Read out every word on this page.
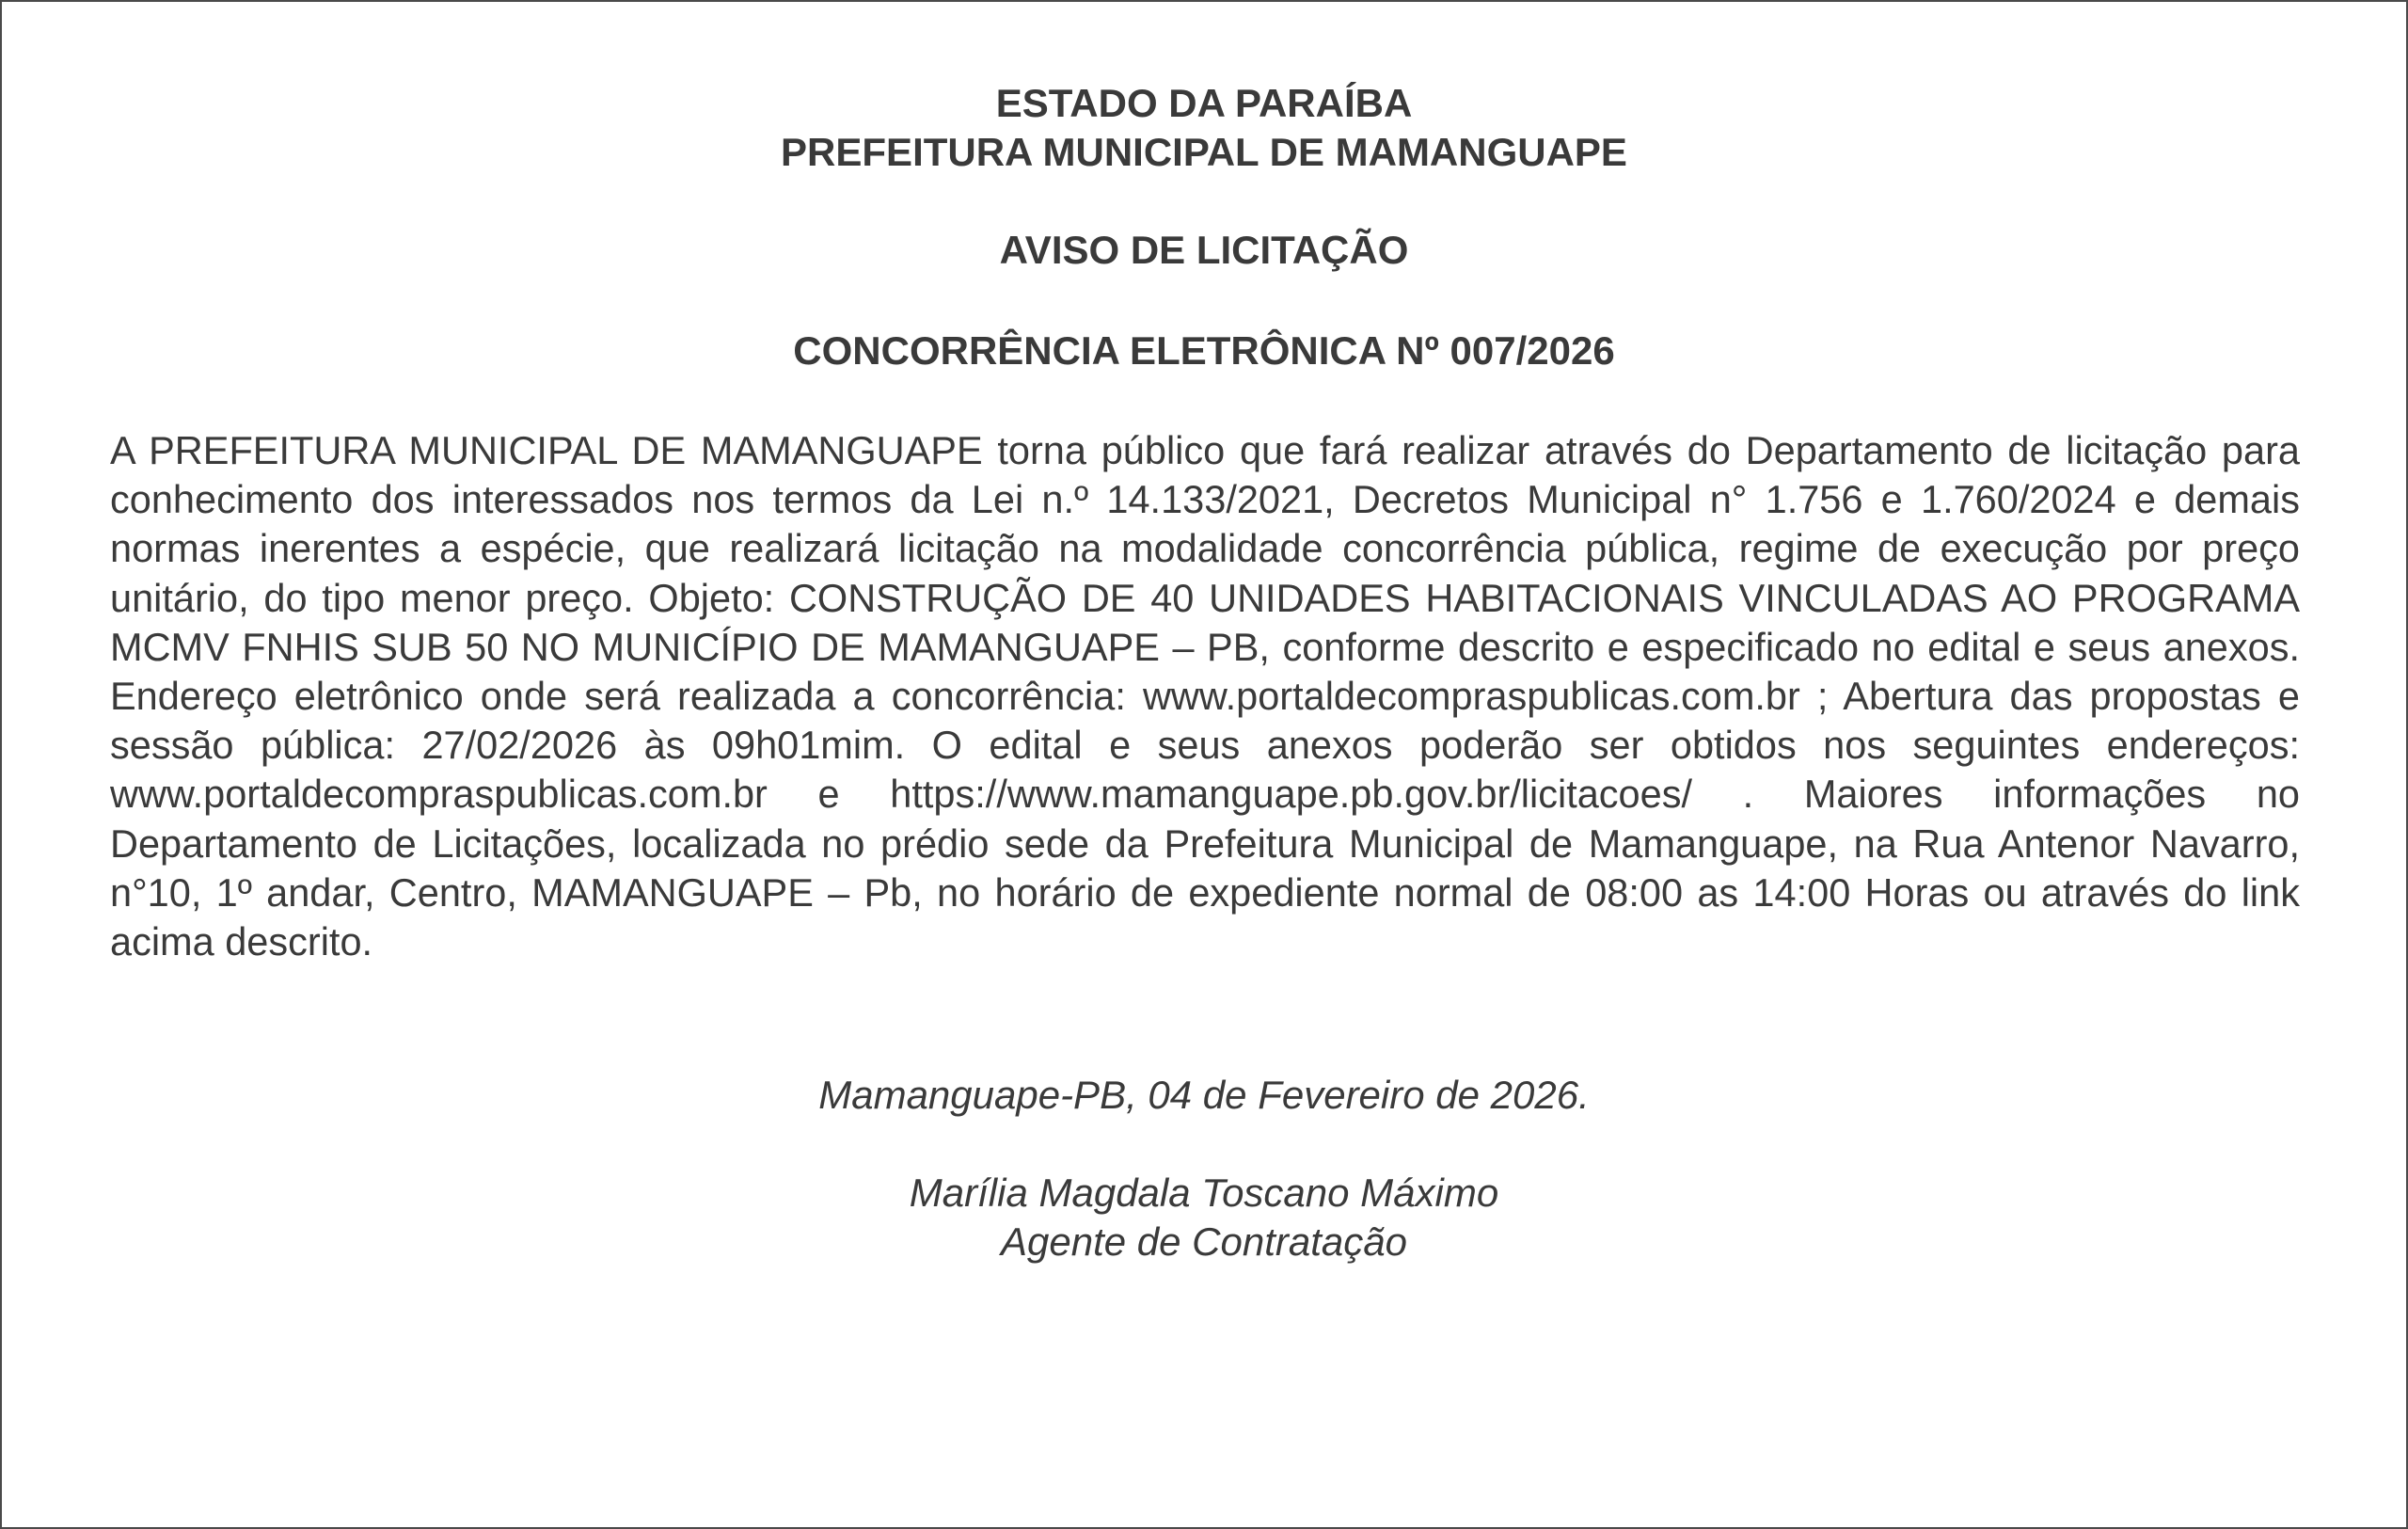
ESTADO DA PARAÍBA
PREFEITURA MUNICIPAL DE MAMANGUAPE
AVISO DE LICITAÇÃO
CONCORRÊNCIA ELETRÔNICA Nº 007/2026
A PREFEITURA MUNICIPAL DE MAMANGUAPE torna público que fará realizar através do Departamento de licitação para conhecimento dos interessados nos termos da Lei n.º 14.133/2021, Decretos Municipal n° 1.756 e 1.760/2024 e demais normas inerentes a espécie, que realizará licitação na modalidade concorrência pública, regime de execução por preço unitário, do tipo menor preço. Objeto: CONSTRUÇÃO DE 40 UNIDADES HABITACIONAIS VINCULADAS AO PROGRAMA MCMV FNHIS SUB 50 NO MUNICÍPIO DE MAMANGUAPE – PB, conforme descrito e especificado no edital e seus anexos. Endereço eletrônico onde será realizada a concorrência: www.portaldecompraspublicas.com.br ; Abertura das propostas e sessão pública: 27/02/2026 às 09h01mim. O edital e seus anexos poderão ser obtidos nos seguintes endereços: www.portaldecompraspublicas.com.br e https://www.mamanguape.pb.gov.br/licitacoes/ . Maiores informações no Departamento de Licitações, localizada no prédio sede da Prefeitura Municipal de Mamanguape, na Rua Antenor Navarro, n°10, 1º andar, Centro, MAMANGUAPE – Pb, no horário de expediente normal de 08:00 as 14:00 Horas ou através do link acima descrito.
Mamanguape-PB, 04 de Fevereiro de 2026.
Marília Magdala Toscano Máximo
Agente de Contratação
